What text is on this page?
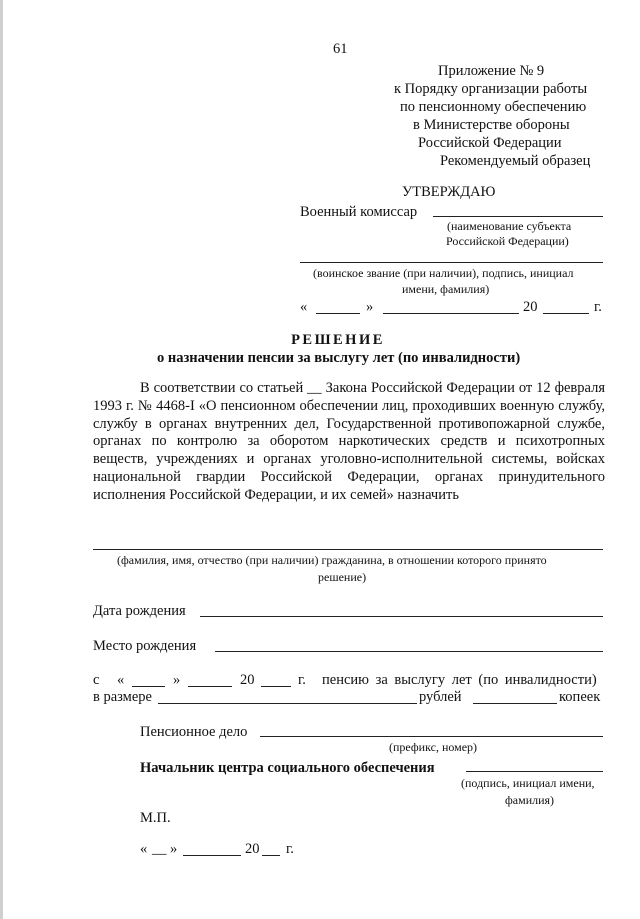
61
Приложение № 9
к Порядку организации работы
по пенсионному обеспечению
в Министерстве обороны
Российской Федерации
Рекомендуемый образец
УТВЕРЖДАЮ
Военный комиссар
(наименование субъекта
Российской Федерации)
(воинское звание (при наличии), подпись, инициал
имени, фамилия)
«	»	20	г.
РЕШЕНИЕ
о назначении пенсии за выслугу лет (по инвалидности)
В соответствии со статьей __ Закона Российской Федерации от 12 февраля 1993 г. № 4468-I «О пенсионном обеспечении лиц, проходивших военную службу, службу в органах внутренних дел, Государственной противопожарной службе, органах по контролю за оборотом наркотических средств и психотропных веществ, учреждениях и органах уголовно-исполнительной системы, войсках национальной гвардии Российской Федерации, органах принудительного исполнения Российской Федерации, и их семей» назначить
(фамилия, имя, отчество (при наличии) гражданина, в отношении которого принято
решение)
Дата рождения
Место рождения
с «	»	20	г. пенсию за выслугу лет (по инвалидности)
в размере	рублей	копеек
Пенсионное дело
(префикс, номер)
Начальник центра социального обеспечения
(подпись, инициал имени,
фамилия)
М.П.
« __ »	20 г.
